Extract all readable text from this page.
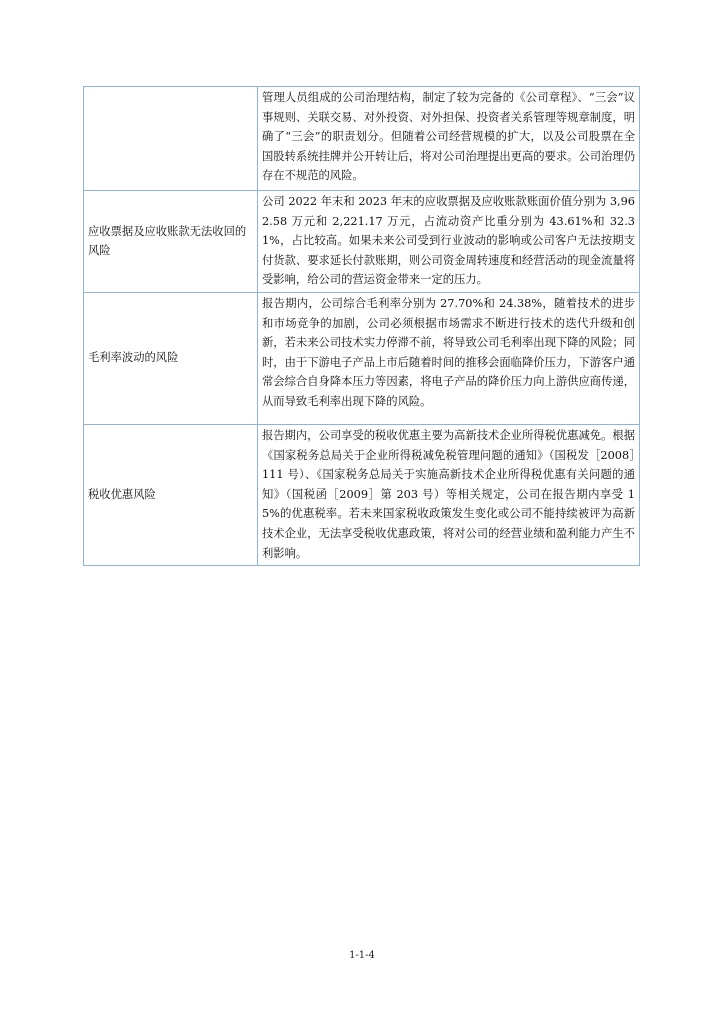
	管理人员组成的公司治理结构，制定了较为完备的《公司章程》、“三会”议事规则、关联交易、对外投资、对外担保、投资者关系管理等规章制度，明确了“三会”的职责划分。但随着公司经营规模的扩大，以及公司股票在全国股转系统挂牌并公开转让后，将对公司治理提出更高的要求。公司治理仍存在不规范的风险。
应收票据及应收账款无法收回的风险	公司 2022 年末和 2023 年末的应收票据及应收账款账面价值分别为 3,962.58 万元和 2,221.17 万元，占流动资产比重分别为 43.61%和 32.31%，占比较高。如果未来公司受到行业波动的影响或公司客户无法按期支付货款、要求延长付款账期，则公司资金周转速度和经营活动的现金流量将受影响，给公司的营运资金带来一定的压力。
毛利率波动的风险	报告期内，公司综合毛利率分别为 27.70%和 24.38%，随着技术的进步和市场竞争的加剧，公司必须根据市场需求不断进行技术的迭代升级和创新，若未来公司技术实力停滞不前，将导致公司毛利率出现下降的风险；同时，由于下游电子产品上市后随着时间的推移会面临降价压力，下游客户通常会综合自身降本压力等因素，将电子产品的降价压力向上游供应商传递，从而导致毛利率出现下降的风险。
税收优惠风险	报告期内，公司享受的税收优惠主要为高新技术企业所得税优惠减免。根据《国家税务总局关于企业所得税减免税管理问题的通知》（国税发［2008］111 号）、《国家税务总局关于实施高新技术企业所得税优惠有关问题的通知》（国税函［2009］第 203 号）等相关规定，公司在报告期内享受 15%的优惠税率。若未来国家税收政策发生变化或公司不能持续被评为高新技术企业，无法享受税收优惠政策，将对公司的经营业绩和盈利能力产生不利影响。
1-1-4
